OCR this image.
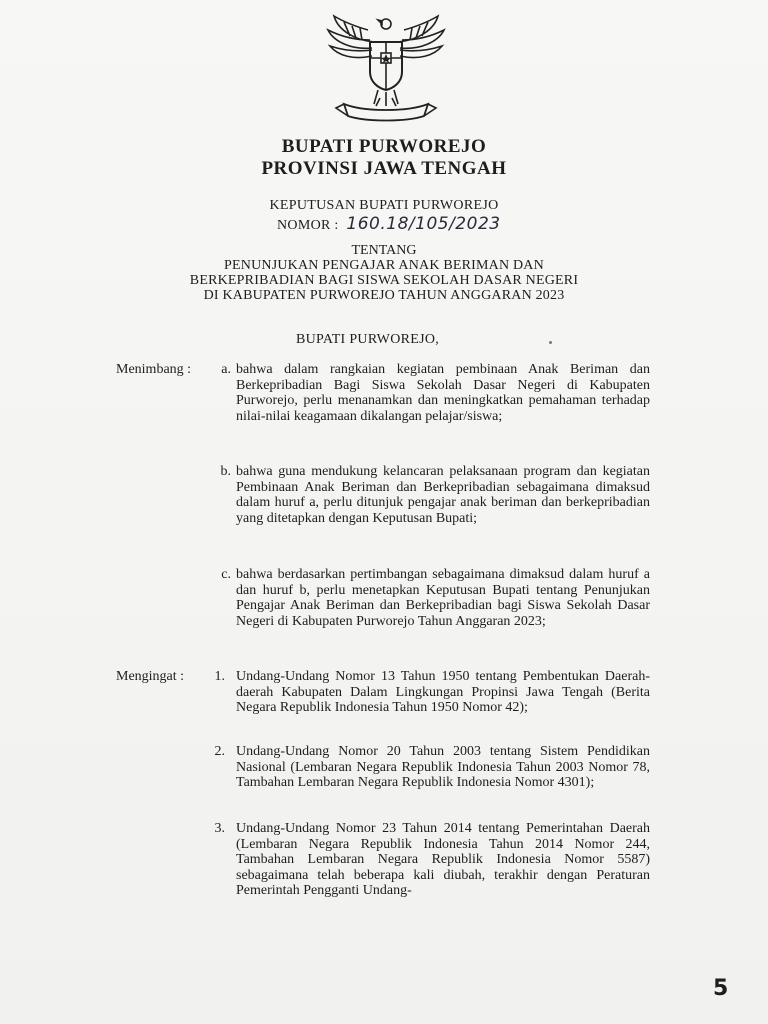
BUPATI PURWOREJO
PROVINSI JAWA TENGAH
KEPUTUSAN BUPATI PURWOREJO
NOMOR : 160.18/105/2023
TENTANG
PENUNJUKAN PENGAJAR ANAK BERIMAN DAN
BERKEPRIBADIAN BAGI SISWA SEKOLAH DASAR NEGERI
DI KABUPATEN PURWOREJO TAHUN ANGGARAN 2023
BUPATI PURWOREJO,
Menimbang :	a. bahwa dalam rangkaian kegiatan pembinaan Anak Beriman dan Berkepribadian Bagi Siswa Sekolah Dasar Negeri di Kabupaten Purworejo, perlu menanamkan dan meningkatkan pemahaman terhadap nilai-nilai keagamaan dikalangan pelajar/siswa;

b. bahwa guna mendukung kelancaran pelaksanaan program dan kegiatan Pembinaan Anak Beriman dan Berkepribadian sebagaimana dimaksud dalam huruf a, perlu ditunjuk pengajar anak beriman dan berkepribadian yang ditetapkan dengan Keputusan Bupati;

c. bahwa berdasarkan pertimbangan sebagaimana dimaksud dalam huruf a dan huruf b, perlu menetapkan Keputusan Bupati tentang Penunjukan Pengajar Anak Beriman dan Berkepribadian bagi Siswa Sekolah Dasar Negeri di Kabupaten Purworejo Tahun Anggaran 2023;

Mengingat :	1. Undang-Undang Nomor 13 Tahun 1950 tentang Pembentukan Daerah-daerah Kabupaten Dalam Lingkungan Propinsi Jawa Tengah (Berita Negara Republik Indonesia Tahun 1950 Nomor 42);

2. Undang-Undang Nomor 20 Tahun 2003 tentang Sistem Pendidikan Nasional (Lembaran Negara Republik Indonesia Tahun 2003 Nomor 78, Tambahan Lembaran Negara Republik Indonesia Nomor 4301);

3. Undang-Undang Nomor 23 Tahun 2014 tentang Pemerintahan Daerah (Lembaran Negara Republik Indonesia Tahun 2014 Nomor 244, Tambahan Lembaran Negara Republik Indonesia Nomor 5587) sebagaimana telah beberapa kali diubah, terakhir dengan Peraturan Pemerintah Pengganti Undang-

5
